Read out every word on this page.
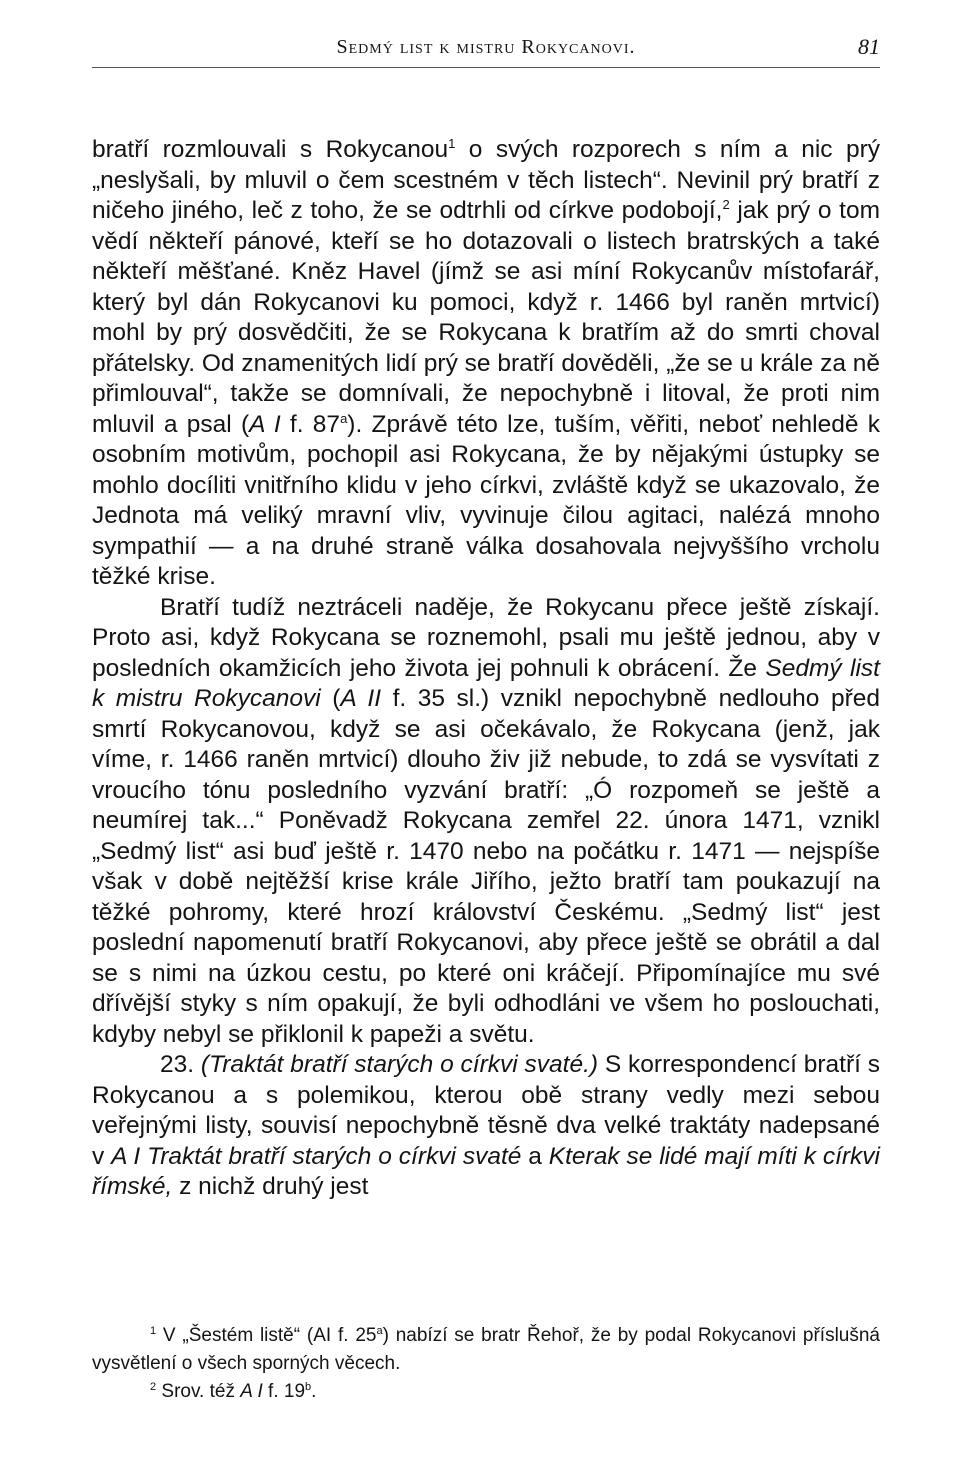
Sedmý list k mistru Rokycanovi.	81

bratří rozmlouvali s Rokycanou$^1$ o svých rozporech s ním a nic prý „neslyšali, by mluvil o čem scestném v těch listech“. Nevinil prý bratří z ničeho jiného, leč z toho, že se odtrhli od církve podobojí,$^2$ jak prý o tom vědí někteří pánové, kteří se ho dotazovali o listech bratrských a také někteří měšťané. Kněz Havel (jímž se asi míní Rokycanův místofarář, který byl dán Rokycanovi ku pomoci, když r. 1466 byl raněn mrtvicí) mohl by prý dosvědčiti, že se Rokycana k bratřím až do smrti choval přátelsky. Od znamenitých lidí prý se bratří dověděli, „že se u krále za ně přimlouval“, takže se domnívali, že nepochybně i litoval, že proti nim mluvil a psal (A I f. 87$^a$). Zprávě této lze, tuším, věřiti, neboť nehledě k osobním motivům, pochopil asi Rokycana, že by nějakými ústupky se mohlo docíliti vnitřního klidu v jeho církvi, zvláště když se ukazovalo, že Jednota má veliký mravní vliv, vyvinuje čilou agitaci, nalézá mnoho sympathií — a na druhé straně válka dosahovala nejvyššího vrcholu těžké krise.

Bratří tudíž neztráceli naděje, že Rokycanu přece ještě získají. Proto asi, když Rokycana se roznemohl, psali mu ještě jednou, aby v posledních okamžicích jeho života jej pohnuli k obrácení. Že Sedmý list k mistru Rokycanovi (A II f. 35 sl.) vznikl nepochybně nedlouho před smrtí Rokycanovou, když se asi očekávalo, že Rokycana (jenž, jak víme, r. 1466 raněn mrtvicí) dlouho živ již nebude, to zdá se vysvítati z vroucího tónu posledního vyzvání bratří: „Ó rozpomeň se ještě a neumírej tak...“ Poněvadž Rokycana zemřel 22. února 1471, vznikl „Sedmý list“ asi buď ještě r. 1470 nebo na počátku r. 1471 — nejspíše však v době nejtěžší krise krále Jiřího, ježto bratří tam poukazují na těžké pohromy, které hrozí království Českému. „Sedmý list“ jest poslední napomenutí bratří Rokycanovi, aby přece ještě se obrátil a dal se s nimi na úzkou cestu, po které oni kráčejí. Připomínajíce mu své dřívější styky s ním opakují, že byli odhodláni ve všem ho poslouchati, kdyby nebyl se přiklonil k papeži a světu.

23. (Traktát bratří starých o církvi svaté.) S korrespondencí bratří s Rokycanou a s polemikou, kterou obě strany vedly mezi sebou veřejnými listy, souvisí nepochybně těsně dva velké traktáty nadepsané v A I Traktát bratří starých o církvi svaté a Kterak se lidé mají míti k církvi římské, z nichž druhý jest

$^1$ V „Šestém listě“ (AI f. 25$^a$) nabízí se bratr Řehoř, že by podal Rokycanovi příslušná vysvětlení o všech sporných věcech.

$^2$ Srov. též A I f. 19$^b$.
